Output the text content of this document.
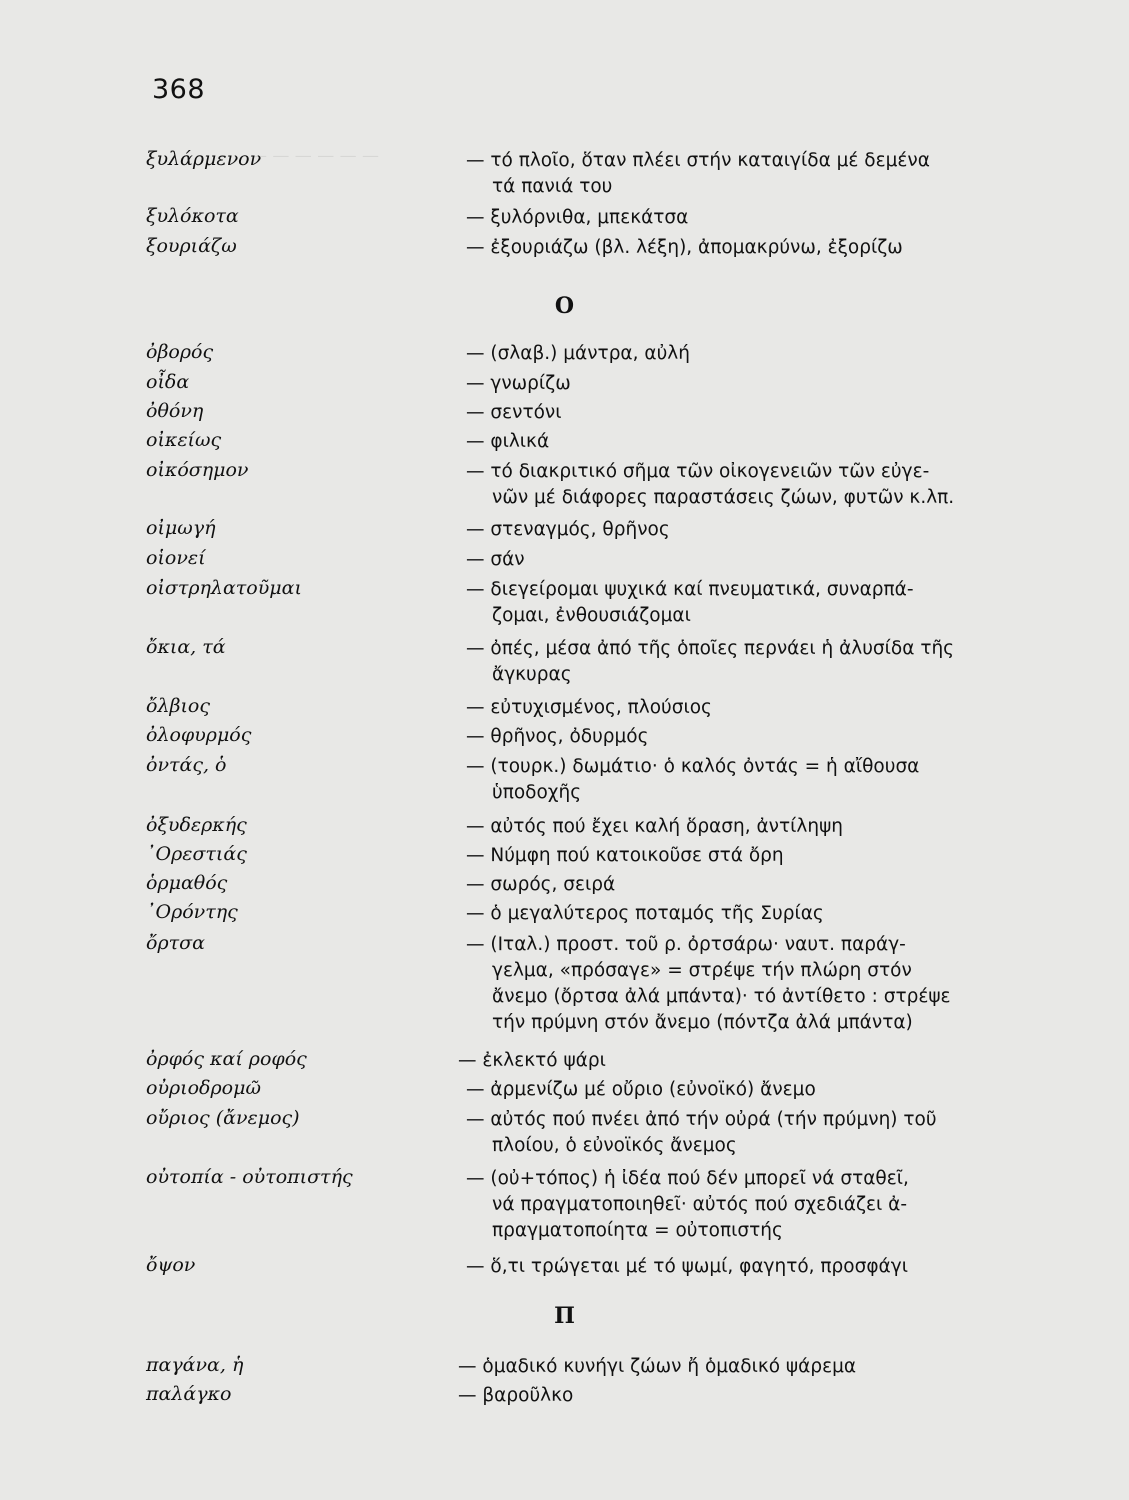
368
— — — — — —
ξυλάρμενον	— τό πλοῖο, ὅταν πλέει στήν καταιγίδα μέ δεμένα
τά πανιά του
ξυλόκοτα	— ξυλόρνιθα, μπεκάτσα
ξουριάζω	— ἐξουριάζω (βλ. λέξη), ἀπομακρύνω, ἐξορίζω
Ο
ὀβορός	— (σλαβ.) μάντρα, αὐλή
οἶδα	— γνωρίζω
ὀθόνη	— σεντόνι
οἰκείως	— φιλικά
οἰκόσημον	— τό διακριτικό σῆμα τῶν οἰκογενειῶν τῶν εὐγε-
νῶν μέ διάφορες παραστάσεις ζώων, φυτῶν κ.λπ.
οἰμωγή	— στεναγμός, θρῆνος
οἱονεί	— σάν
οἰστρηλατοῦμαι	— διεγείρομαι ψυχικά καί πνευματικά, συναρπά-
ζομαι, ἐνθουσιάζομαι
ὄκια, τά	— ὀπές, μέσα ἀπό τῆς ὁποῖες περνάει ἡ ἀλυσίδα τῆς
ἄγκυρας
ὄλβιος	— εὐτυχισμένος, πλούσιος
ὀλοφυρμός	— θρῆνος, ὀδυρμός
ὀντάς, ὁ	— (τουρκ.) δωμάτιο· ὁ καλός ὀντάς = ἡ αἴθουσα
ὑποδοχῆς
ὀξυδερκής	— αὐτός πού ἔχει καλή ὅραση, ἀντίληψη
᾿Ορεστιάς	— Νύμφη πού κατοικοῦσε στά ὄρη
ὁρμαθός	— σωρός, σειρά
᾿Ορόντης	— ὁ μεγαλύτερος ποταμός τῆς Συρίας
ὄρτσα	— (Ιταλ.) προστ. τοῦ ρ. ὀρτσάρω· ναυτ. παράγ-
γελμα, «πρόσαγε» = στρέψε τήν πλώρη στόν
ἄνεμο (ὄρτσα ἀλά μπάντα)· τό ἀντίθετο : στρέψε
τήν πρύμνη στόν ἄνεμο (πόντζα ἀλά μπάντα)
ὀρφός καί ροφός	— ἐκλεκτό ψάρι
οὐριοδρομῶ	— ἀρμενίζω μέ οὔριο (εὐνοϊκό) ἄνεμο
οὔριος (ἄνεμος)	— αὐτός πού πνέει ἀπό τήν οὐρά (τήν πρύμνη) τοῦ
πλοίου, ὁ εὐνοϊκός ἄνεμος
οὐτοπία - οὐτοπιστής	— (οὐ+τόπος) ἡ ἰδέα πού δέν μπορεῖ νά σταθεῖ,
νά πραγματοποιηθεῖ· αὐτός πού σχεδιάζει ἀ-
πραγματοποίητα = οὐτοπιστής
ὄψον	— ὅ,τι τρώγεται μέ τό ψωμί, φαγητό, προσφάγι
Π
παγάνα, ἡ	— ὁμαδικό κυνήγι ζώων ἤ ὁμαδικό ψάρεμα
παλάγκο	— βαροῦλκο
